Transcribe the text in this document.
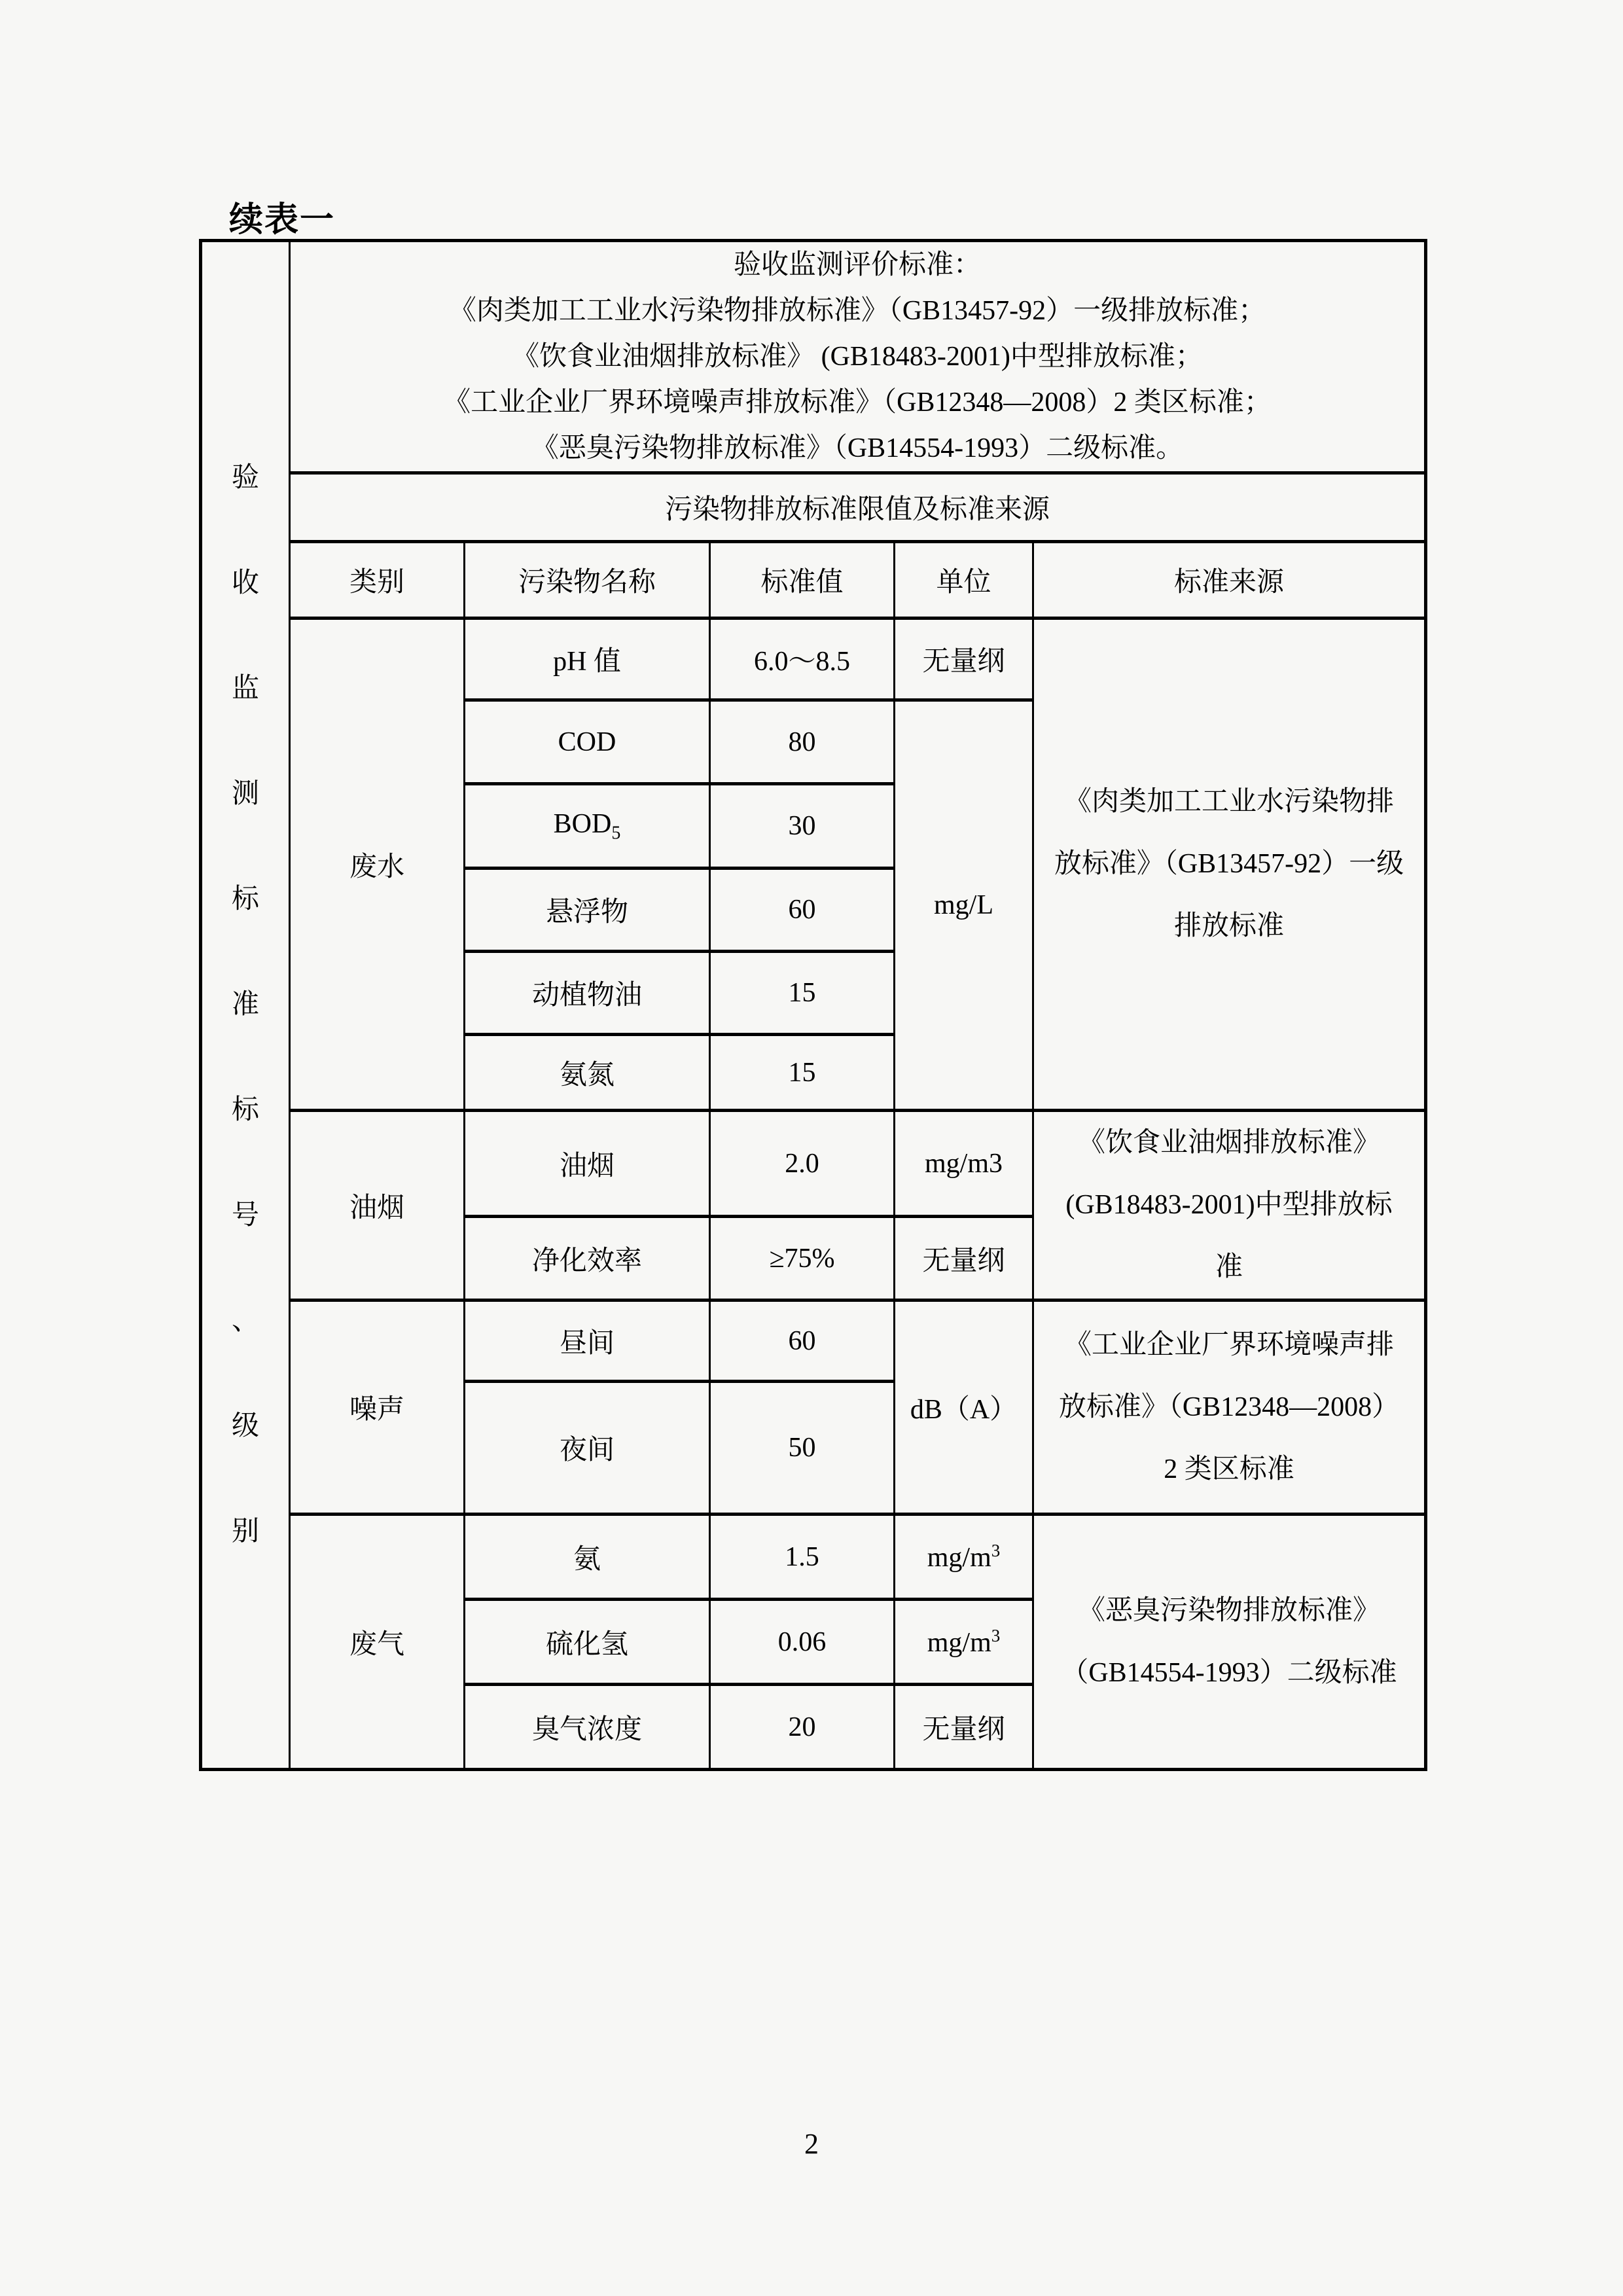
续表一
验
收
监
测
标
准
标
号
、
级
别

验收监测评价标准：
《肉类加工工业水污染物排放标准》（GB13457-92）一级排放标准；
《饮食业油烟排放标准》 (GB18483-2001)中型排放标准；
《工业企业厂界环境噪声排放标准》（GB12348—2008）2 类区标准；
《恶臭污染物排放标准》（GB14554-1993）二级标准。

	污染物排放标准限值及标准来源				
	类别	污染物名称	标准值	单位	标准来源
	废水	pH 值	6.0～8.5	无量纲	《肉类加工工业水污染物排
放标准》（GB13457-92）一级
排放标准

		COD	80	mg/L	
		$BOD_5$	30		
		悬浮物	60		
		动植物油	15		
		氨氮	15		
	油烟	油烟	2.0	mg/m3	《饮食业油烟排放标准》
(GB18483-2001)中型排放标
准

		净化效率	≥75%	无量纲	
	噪声	昼间	60	dB（A）	《工业企业厂界环境噪声排
放标准》（GB12348—2008）
2 类区标准

		夜间	50		
	废气	氨	1.5	$mg/m^3$	《恶臭污染物排放标准》
（GB14554-1993）二级标准

		硫化氢	0.06	$mg/m^3$
		臭气浓度	20	无量纲	
2
